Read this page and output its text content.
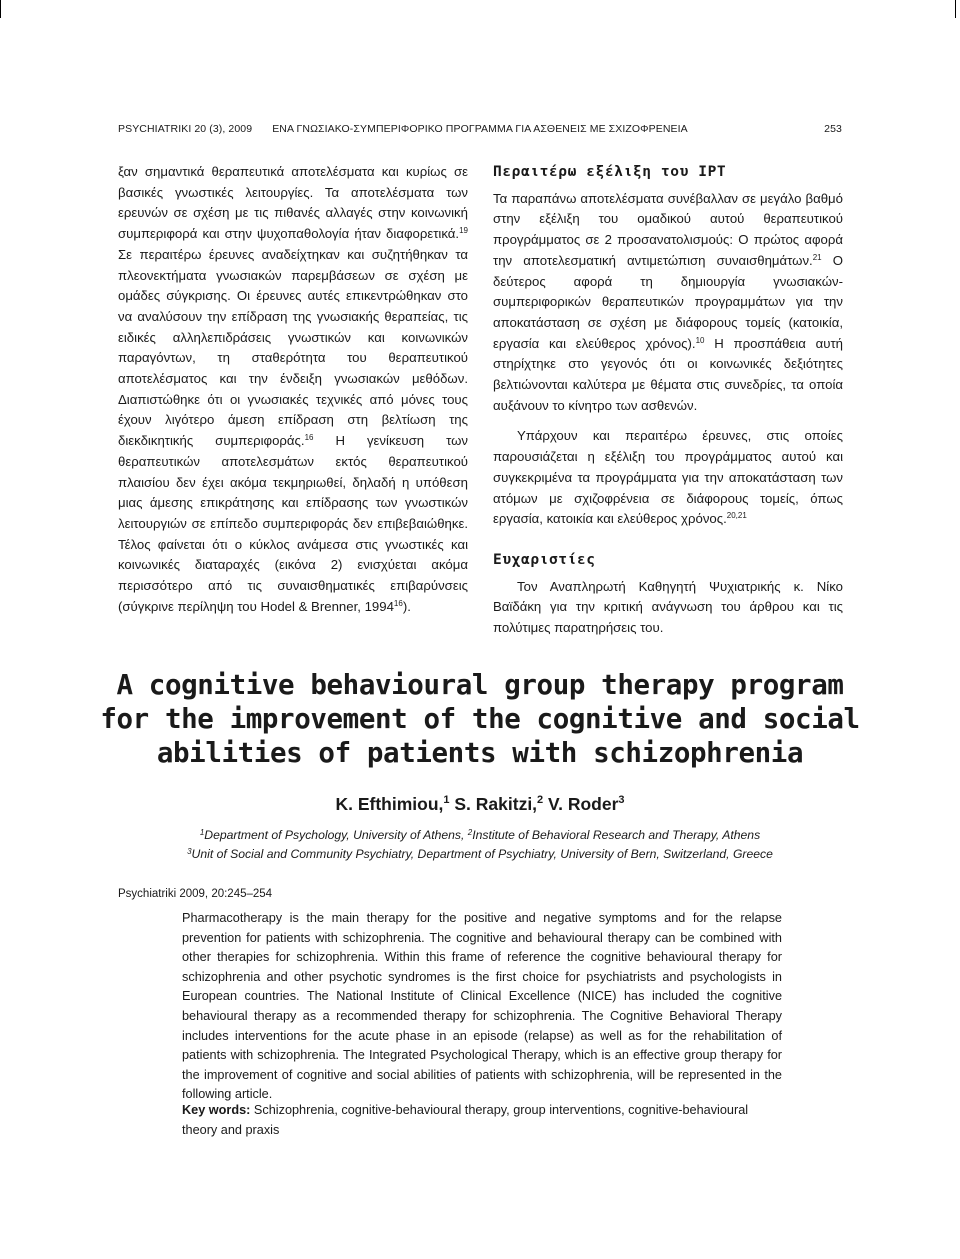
PSYCHIATRIKI 20 (3), 2009	ΕΝΑ ΓΝΩΣΙΑΚΟ-ΣΥΜΠΕΡΙΦΟΡΙΚΟ ΠΡΟΓΡΑΜΜΑ ΓΙΑ ΑΣΘΕΝΕΙΣ ΜΕ ΣΧΙΖΟΦΡΕΝΕΙΑ	253

ξαν σημαντικά θεραπευτικά αποτελέσματα και κυρίως σε βασικές γνωστικές λειτουργίες. Τα αποτελέσματα των ερευνών σε σχέση με τις πιθανές αλλαγές στην κοινωνική συμπεριφορά και στην ψυχοπαθολογία ήταν διαφορετικά.$^{19}$ Σε περαιτέρω έρευνες αναδείχτηκαν και συζητήθηκαν τα πλεονεκτήματα γνωσιακών παρεμβάσεων σε σχέση με ομάδες σύγκρισης. Οι έρευνες αυτές επικεντρώθηκαν στο να αναλύσουν την επίδραση της γνωσιακής θεραπείας, τις ειδικές αλληλεπιδράσεις γνωστικών και κοινωνικών παραγόντων, τη σταθερότητα του θεραπευτικού αποτελέσματος και την ένδειξη γνωσιακών μεθόδων. Διαπιστώθηκε ότι οι γνωσιακές τεχνικές από μόνες τους έχουν λιγότερο άμεση επίδραση στη βελτίωση της διεκδικητικής συμπεριφοράς.$^{16}$ Η γενίκευση των θεραπευτικών αποτελεσμάτων εκτός θεραπευτικού πλαισίου δεν έχει ακόμα τεκμηριωθεί, δηλαδή η υπόθεση μιας άμεσης επικράτησης και επίδρασης των γνωστικών λειτουργιών σε επίπεδο συμπεριφοράς δεν επιβεβαιώθηκε. Τέλος φαίνεται ότι ο κύκλος ανάμεσα στις γνωστικές και κοινωνικές διαταραχές (εικόνα 2) ενισχύεται ακόμα περισσότερο από τις συναισθηματικές επιβαρύνσεις (σύγκρινε περίληψη του Hodel & Brenner, 1994$^{16}$).

Περαιτέρω εξέλιξη του IPT

Τα παραπάνω αποτελέσματα συνέβαλλαν σε μεγάλο βαθμό στην εξέλιξη του ομαδικού αυτού θεραπευτικού προγράμματος σε 2 προσανατολισμούς: Ο πρώτος αφορά την αποτελεσματική αντιμετώπιση συναισθημάτων.$^{21}$ Ο δεύτερος αφορά τη δημιουργία γνωσιακών-συμπεριφορικών θεραπευτικών προγραμμάτων για την αποκατάσταση σε σχέση με διάφορους τομείς (κατοικία, εργασία και ελεύθερος χρόνος).$^{10}$ Η προσπάθεια αυτή στηρίχτηκε στο γεγονός ότι οι κοινωνικές δεξιότητες βελτιώνονται καλύτερα με θέματα στις συνεδρίες, τα οποία αυξάνουν το κίνητρο των ασθενών.

Υπάρχουν και περαιτέρω έρευνες, στις οποίες παρουσιάζεται η εξέλιξη του προγράμματος αυτού και συγκεκριμένα τα προγράμματα για την αποκατάσταση των ατόμων με σχιζοφρένεια σε διάφορους τομείς, όπως εργασία, κατοικία και ελεύθερος χρόνος.$^{20,21}$

Ευχαριστίες

Τον Αναπληρωτή Καθηγητή Ψυχιατρικής κ. Νίκο Βαϊδάκη για την κριτική ανάγνωση του άρθρου και τις πολύτιμες παρατηρήσεις του.

A cognitive behavioural group therapy program
for the improvement of the cognitive and social
abilities of patients with schizophrenia
K. Efthimiou,$^1$ S. Rakitzi,$^2$ V. Roder$^3$
$^1$Department of Psychology, University of Athens, $^2$Institute of Behavioral Research and Therapy, Athens
$^3$Unit of Social and Community Psychiatry, Department of Psychiatry, University of Bern, Switzerland, Greece
Psychiatriki 2009, 20:245‒254
Pharmacotherapy is the main therapy for the positive and negative symptoms and for the relapse prevention for patients with schizophrenia. The cognitive and behavioural therapy can be combined with other therapies for schizophrenia. Within this frame of reference the cognitive behavioural therapy for schizophrenia and other psychotic syndromes is the first choice for psychiatrists and psychologists in European countries. The National Institute of Clinical Excellence (NICE) has included the cognitive behavioural therapy as a recommended therapy for schizophrenia. The Cognitive Behavioral Therapy includes interventions for the acute phase in an episode (relapse) as well as for the rehabilitation of patients with schizophrenia. The Integrated Psychological Therapy, which is an effective group therapy for the improvement of cognitive and social abilities of patients with schizophrenia, will be represented in the following article.
Key words: Schizophrenia, cognitive-behavioural therapy, group interventions, cognitive-behavioural theory and praxis
